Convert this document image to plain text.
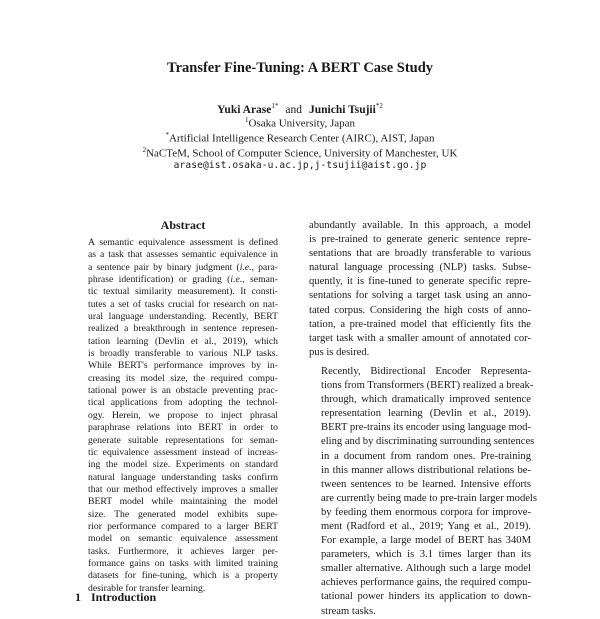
Transfer Fine-Tuning: A BERT Case Study
Yuki Arase$^{1*}$ and Junichi Tsujii$^{*2}$
$^1$Osaka University, Japan
*Artificial Intelligence Research Center (AIRC), AIST, Japan
$^2$NaCTeM, School of Computer Science, University of Manchester, UK
arase@ist.osaka-u.ac.jp,j-tsujii@aist.go.jp
Abstract
A semantic equivalence assessment is defined
as a task that assesses semantic equivalence in
a sentence pair by binary judgment (i.e., para-
phrase identification) or grading (i.e., seman-
tic textual similarity measurement). It consti-
tutes a set of tasks crucial for research on nat-
ural language understanding. Recently, BERT
realized a breakthrough in sentence represen-
tation learning (Devlin et al., 2019), which
is broadly transferable to various NLP tasks.
While BERT's performance improves by in-
creasing its model size, the required compu-
tational power is an obstacle preventing prac-
tical applications from adopting the technol-
ogy. Herein, we propose to inject phrasal
paraphrase relations into BERT in order to
generate suitable representations for seman-
tic equivalence assessment instead of increas-
ing the model size. Experiments on standard
natural language understanding tasks confirm
that our method effectively improves a smaller
BERT model while maintaining the model
size. The generated model exhibits supe-
rior performance compared to a larger BERT
model on semantic equivalence assessment
tasks. Furthermore, it achieves larger per-
formance gains on tasks with limited training
datasets for fine-tuning, which is a property
desirable for transfer learning.

abundantly available. In this approach, a model
is pre-trained to generate generic sentence repre-
sentations that are broadly transferable to various
natural language processing (NLP) tasks. Subse-
quently, it is fine-tuned to generate specific repre-
sentations for solving a target task using an anno-
tated corpus. Considering the high costs of anno-
tation, a pre-trained model that efficiently fits the
target task with a smaller amount of annotated cor-
pus is desired.

Recently, Bidirectional Encoder Representa-
tions from Transformers (BERT) realized a break-
through, which dramatically improved sentence
representation learning (Devlin et al., 2019).
BERT pre-trains its encoder using language mod-
eling and by discriminating surrounding sentences
in a document from random ones. Pre-training
in this manner allows distributional relations be-
tween sentences to be learned. Intensive efforts
are currently being made to pre-train larger models
by feeding them enormous corpora for improve-
ment (Radford et al., 2019; Yang et al., 2019).
For example, a large model of BERT has 340M
parameters, which is 3.1 times larger than its
smaller alternative. Although such a large model
achieves performance gains, the required compu-
tational power hinders its application to down-
stream tasks.

1 Introduction
